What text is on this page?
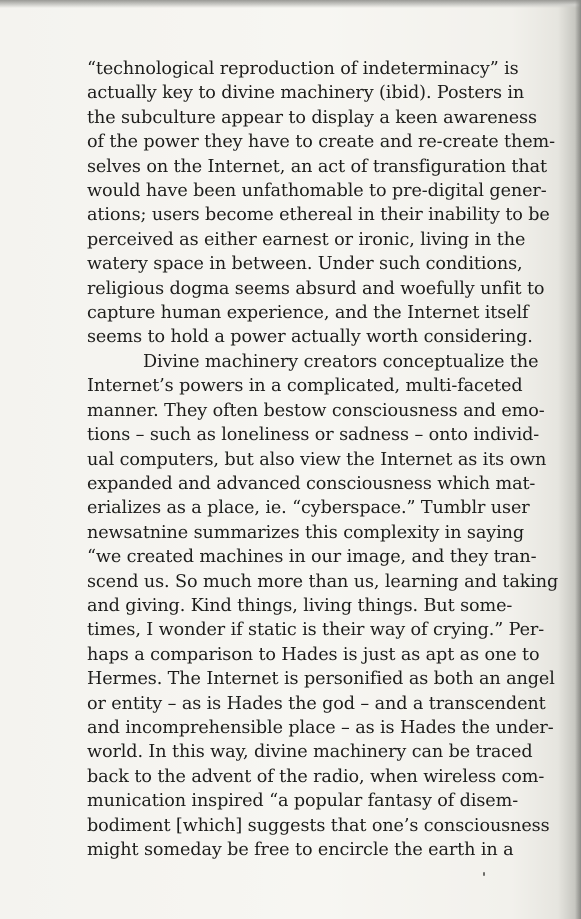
“technological reproduction of indeterminacy” is
actually key to divine machinery (ibid). Posters in
the subculture appear to display a keen awareness
of the power they have to create and re-create them-
selves on the Internet, an act of transfiguration that
would have been unfathomable to pre-digital gener-
ations; users become ethereal in their inability to be
perceived as either earnest or ironic, living in the
watery space in between. Under such conditions,
religious dogma seems absurd and woefully unfit to
capture human experience, and the Internet itself
seems to hold a power actually worth considering.
Divine machinery creators conceptualize the
Internet’s powers in a complicated, multi-faceted
manner. They often bestow consciousness and emo-
tions – such as loneliness or sadness – onto individ-
ual computers, but also view the Internet as its own
expanded and advanced consciousness which mat-
erializes as a place, ie. “cyberspace.” Tumblr user
newsatnine summarizes this complexity in saying
“we created machines in our image, and they tran-
scend us. So much more than us, learning and taking
and giving. Kind things, living things. But some-
times, I wonder if static is their way of crying.” Per-
haps a comparison to Hades is just as apt as one to
Hermes. The Internet is personified as both an angel
or entity – as is Hades the god – and a transcendent
and incomprehensible place – as is Hades the under-
world. In this way, divine machinery can be traced
back to the advent of the radio, when wireless com-
munication inspired “a popular fantasy of disem-
bodiment [which] suggests that one’s consciousness
might someday be free to encircle the earth in a
